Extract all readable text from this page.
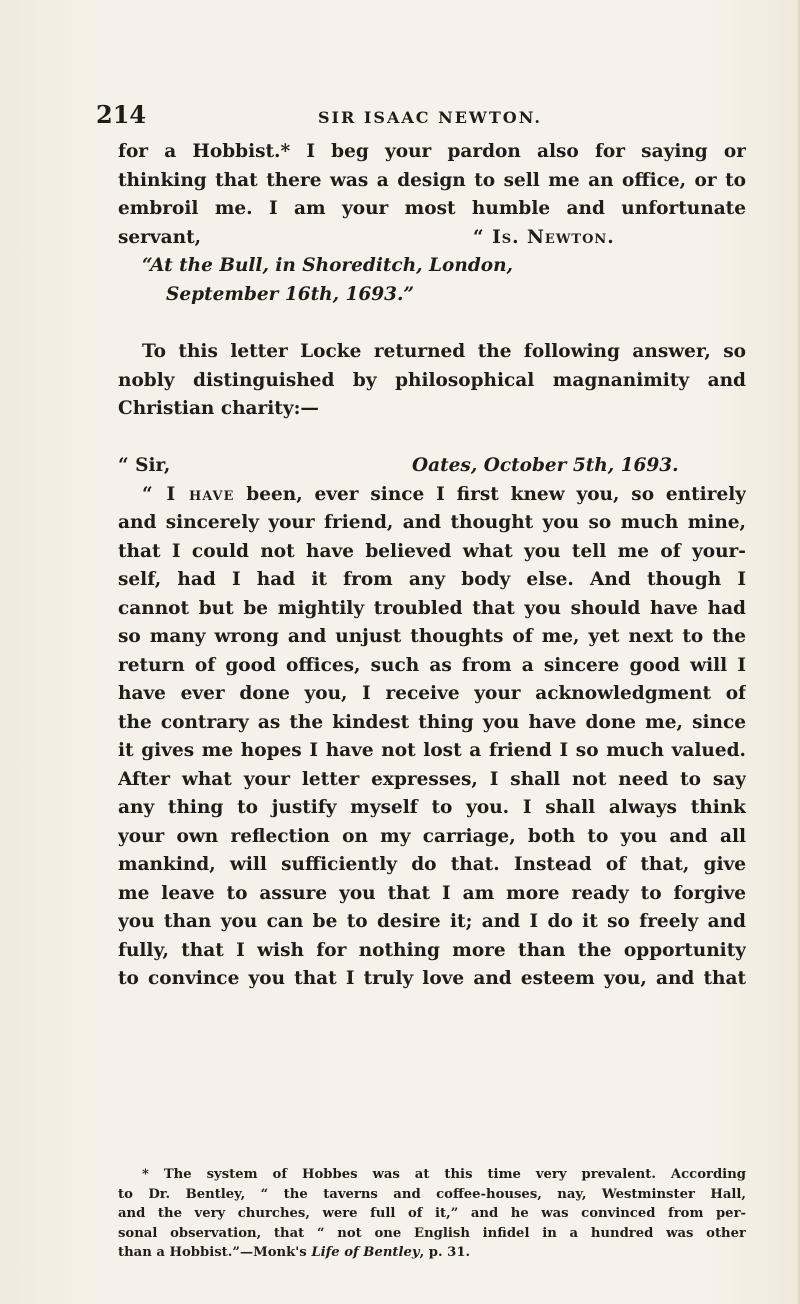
214	SIR ISAAC NEWTON.
for a Hobbist.* I beg your pardon also for saying or
thinking that there was a design to sell me an office, or to
embroil me. I am your most humble and unfortunate
servant,	“ Is. Newton.
“At the Bull, in Shoreditch, London,
September 16th, 1693.”
To this letter Locke returned the following answer, so
nobly distinguished by philosophical magnanimity and
Christian charity:—
“ Sir,	Oates, October 5th, 1693.
“ I have been, ever since I first knew you, so entirely
and sincerely your friend, and thought you so much mine,
that I could not have believed what you tell me of your-
self, had I had it from any body else. And though I
cannot but be mightily troubled that you should have had
so many wrong and unjust thoughts of me, yet next to the
return of good offices, such as from a sincere good will I
have ever done you, I receive your acknowledgment of
the contrary as the kindest thing you have done me, since
it gives me hopes I have not lost a friend I so much valued.
After what your letter expresses, I shall not need to say
any thing to justify myself to you. I shall always think
your own reflection on my carriage, both to you and all
mankind, will sufficiently do that. Instead of that, give
me leave to assure you that I am more ready to forgive
you than you can be to desire it; and I do it so freely and
fully, that I wish for nothing more than the opportunity
to convince you that I truly love and esteem you, and that
* The system of Hobbes was at this time very prevalent. According
to Dr. Bentley, “ the taverns and coffee-houses, nay, Westminster Hall,
and the very churches, were full of it,” and he was convinced from per-
sonal observation, that “ not one English infidel in a hundred was other
than a Hobbist.”—Monk's Life of Bentley, p. 31.
